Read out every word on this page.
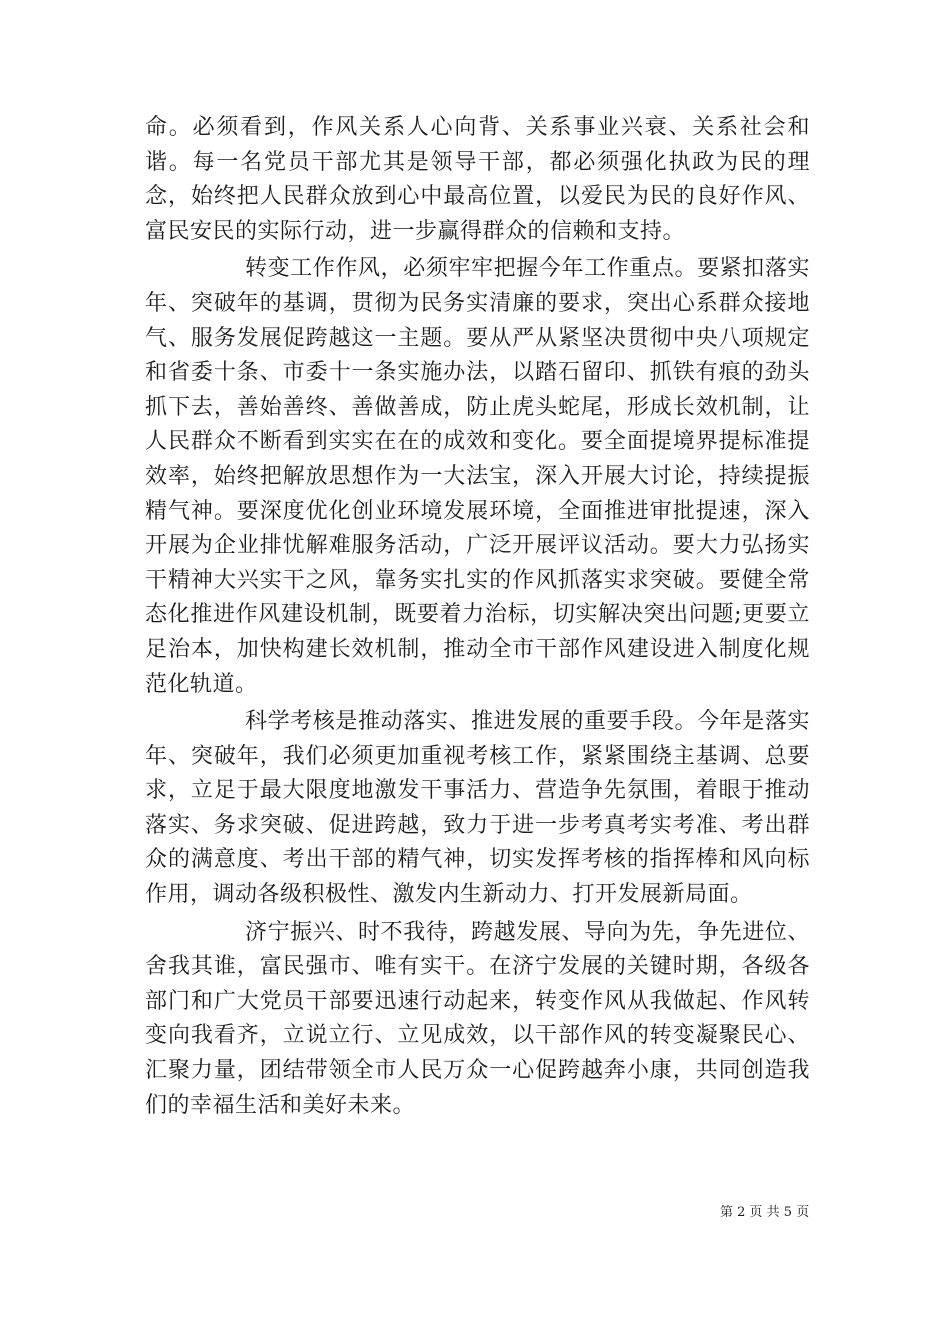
命。必须看到，作风关系人心向背、关系事业兴衰、关系社会和谐。每一名党员干部尤其是领导干部，都必须强化执政为民的理念，始终把人民群众放到心中最高位置，以爱民为民的良好作风、富民安民的实际行动，进一步赢得群众的信赖和支持。

转变工作作风，必须牢牢把握今年工作重点。要紧扣落实年、突破年的基调，贯彻为民务实清廉的要求，突出心系群众接地气、服务发展促跨越这一主题。要从严从紧坚决贯彻中央八项规定和省委十条、市委十一条实施办法，以踏石留印、抓铁有痕的劲头抓下去，善始善终、善做善成，防止虎头蛇尾，形成长效机制，让人民群众不断看到实实在在的成效和变化。要全面提境界提标准提效率，始终把解放思想作为一大法宝，深入开展大讨论，持续提振精气神。要深度优化创业环境发展环境，全面推进审批提速，深入开展为企业排忧解难服务活动，广泛开展评议活动。要大力弘扬实干精神大兴实干之风，靠务实扎实的作风抓落实求突破。要健全常态化推进作风建设机制，既要着力治标，切实解决突出问题;更要立足治本，加快构建长效机制，推动全市干部作风建设进入制度化规范化轨道。

科学考核是推动落实、推进发展的重要手段。今年是落实年、突破年，我们必须更加重视考核工作，紧紧围绕主基调、总要求，立足于最大限度地激发干事活力、营造争先氛围，着眼于推动落实、务求突破、促进跨越，致力于进一步考真考实考准、考出群众的满意度、考出干部的精气神，切实发挥考核的指挥棒和风向标作用，调动各级积极性、激发内生新动力、打开发展新局面。

济宁振兴、时不我待，跨越发展、导向为先，争先进位、舍我其谁，富民强市、唯有实干。在济宁发展的关键时期，各级各部门和广大党员干部要迅速行动起来，转变作风从我做起、作风转变向我看齐，立说立行、立见成效，以干部作风的转变凝聚民心、汇聚力量，团结带领全市人民万众一心促跨越奔小康，共同创造我们的幸福生活和美好未来。

第 2 页 共 5 页
